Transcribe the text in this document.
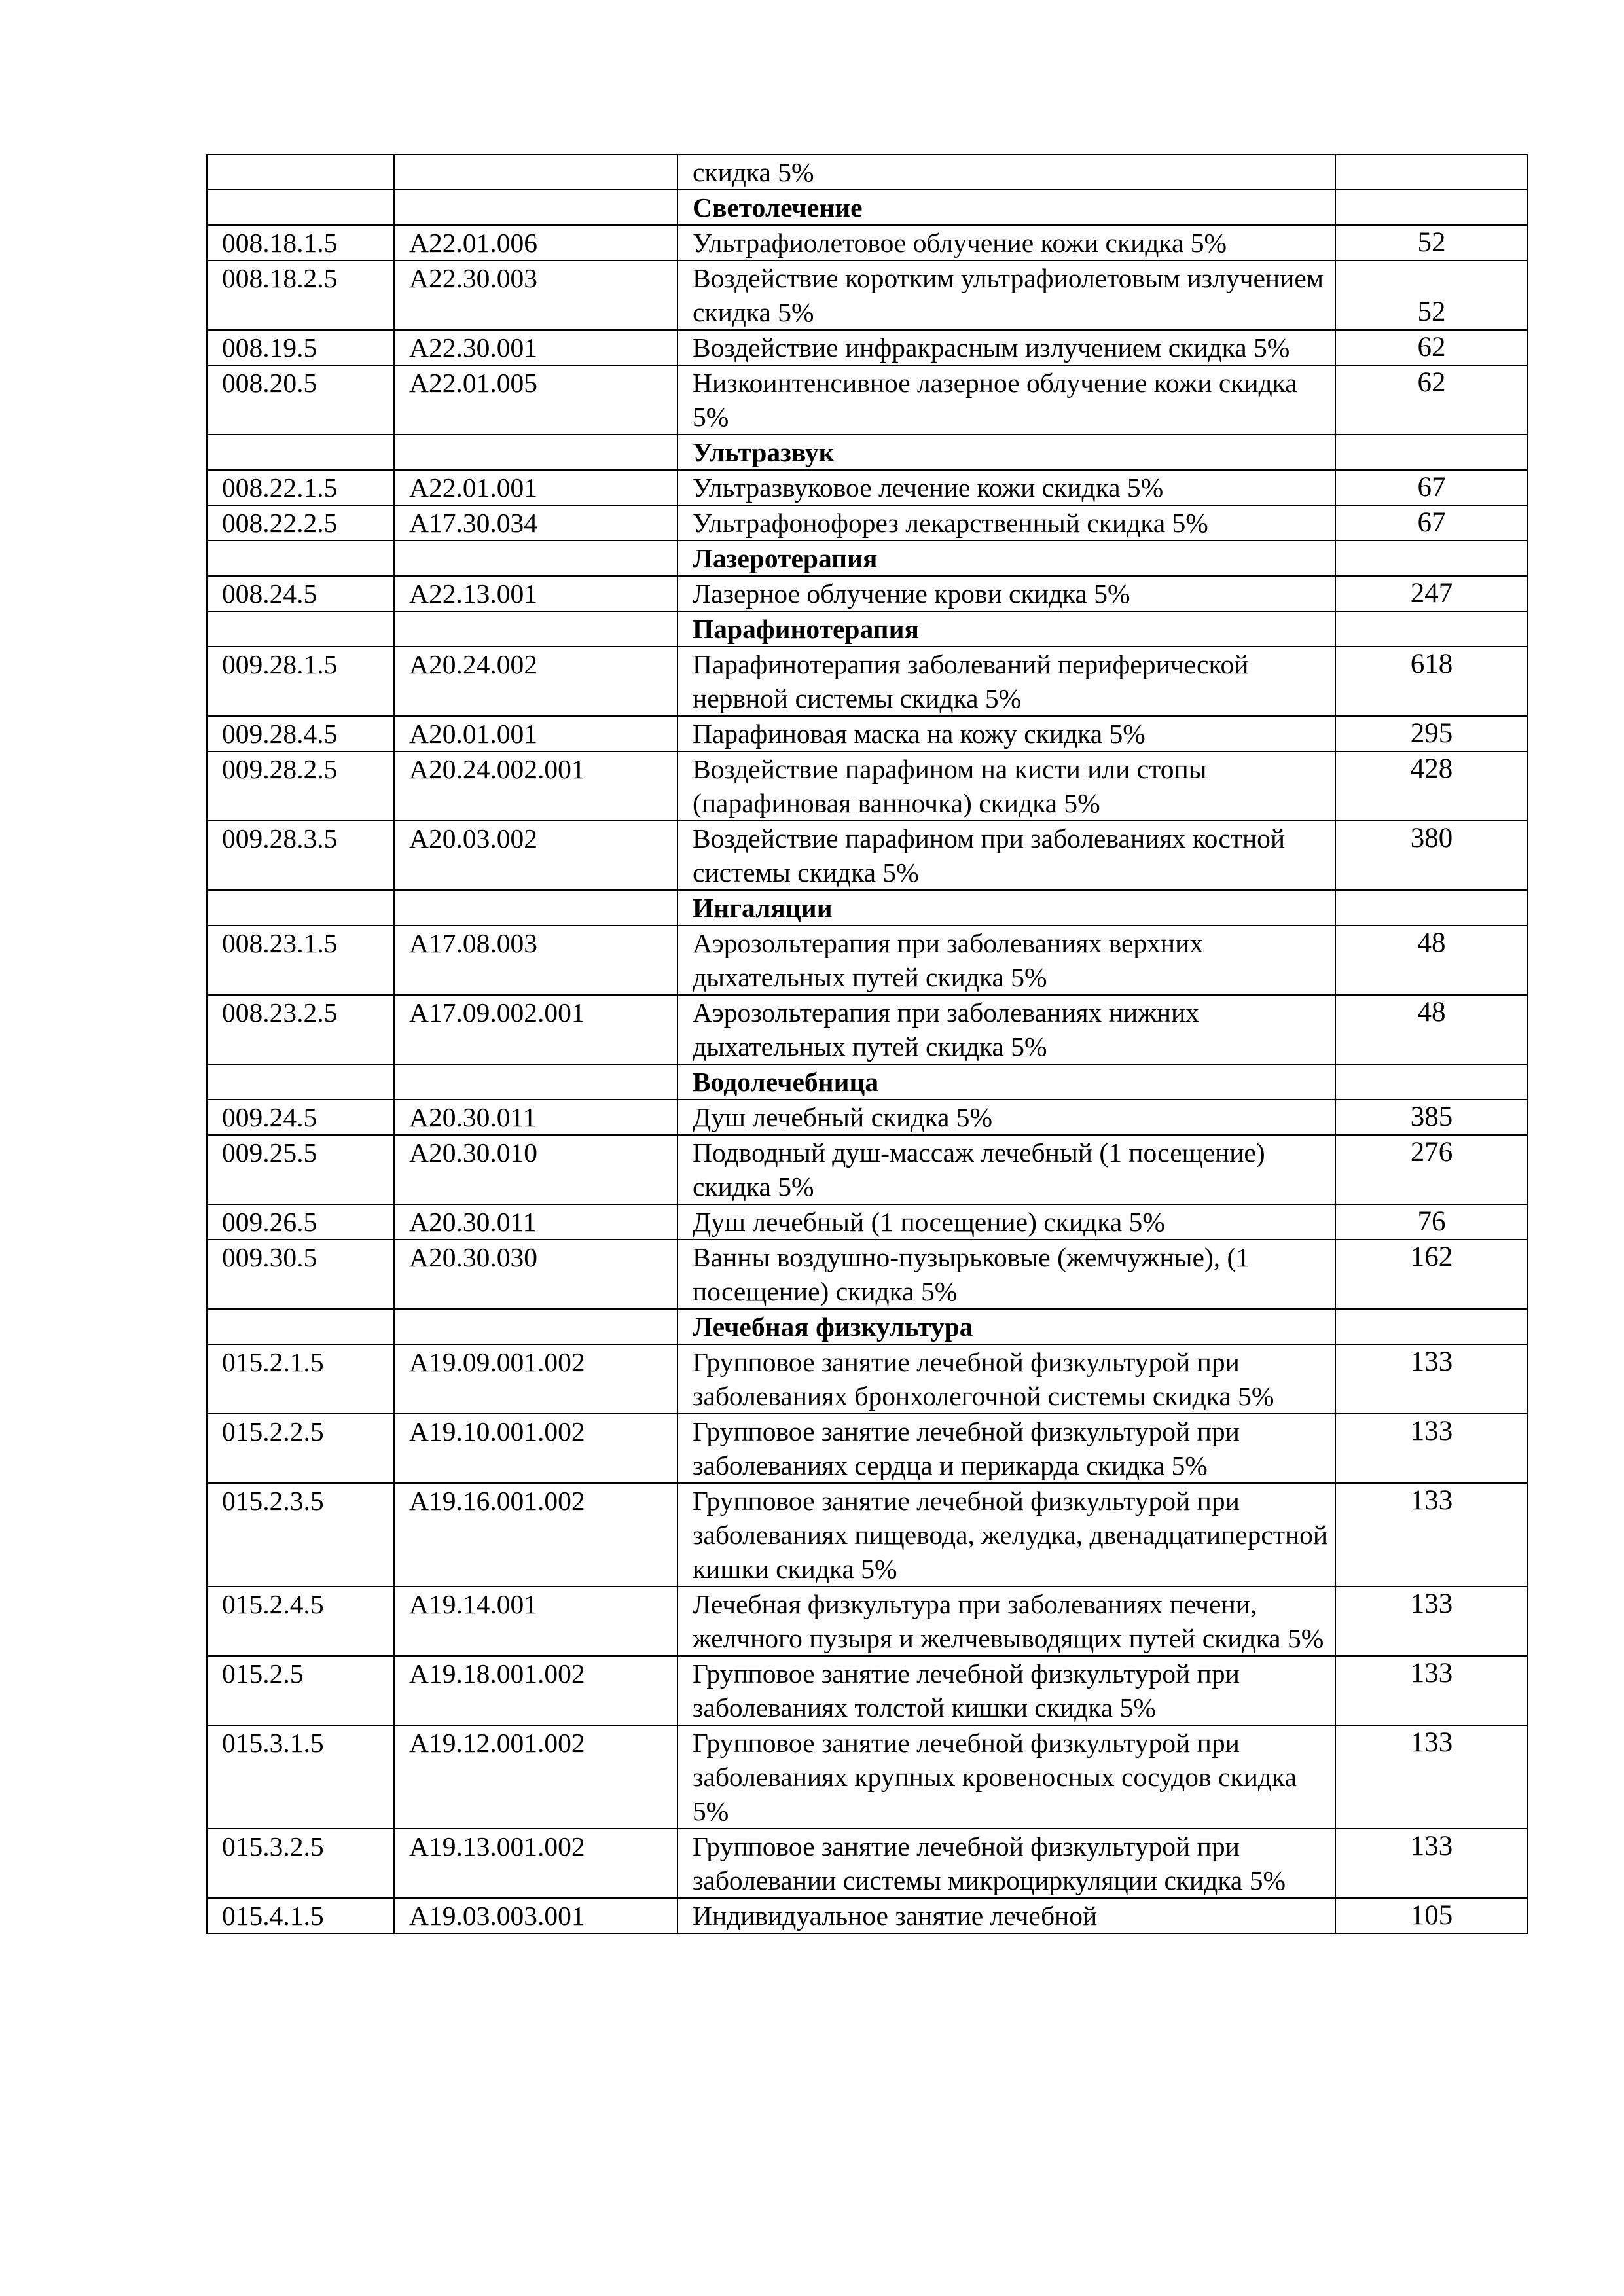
		скидка 5%	
		Светолечение	
008.18.1.5	A22.01.006	Ультрафиолетовое облучение кожи скидка 5%	52
008.18.2.5	A22.30.003	Воздействие коротким ультрафиолетовым излучением скидка 5%	52
008.19.5	A22.30.001	Воздействие инфракрасным излучением скидка 5%	62
008.20.5	A22.01.005	Низкоинтенсивное лазерное облучение кожи скидка 5%	62
		Ультразвук	
008.22.1.5	A22.01.001	Ультразвуковое лечение кожи скидка 5%	67
008.22.2.5	A17.30.034	Ультрафонофорез лекарственный скидка 5%	67
		Лазеротерапия	
008.24.5	A22.13.001	Лазерное облучение крови скидка 5%	247
		Парафинотерапия	
009.28.1.5	A20.24.002	Парафинотерапия заболеваний периферической нервной системы скидка 5%	618
009.28.4.5	A20.01.001	Парафиновая маска на кожу скидка 5%	295
009.28.2.5	A20.24.002.001	Воздействие парафином на кисти или стопы (парафиновая ванночка) скидка 5%	428
009.28.3.5	A20.03.002	Воздействие парафином при заболеваниях костной системы скидка 5%	380
		Ингаляции	
008.23.1.5	A17.08.003	Аэрозольтерапия при заболеваниях верхних дыхательных путей скидка 5%	48
008.23.2.5	A17.09.002.001	Аэрозольтерапия при заболеваниях нижних дыхательных путей скидка 5%	48
		Водолечебница	
009.24.5	A20.30.011	Душ лечебный скидка 5%	385
009.25.5	A20.30.010	Подводный душ-массаж лечебный (1 посещение) скидка 5%	276
009.26.5	A20.30.011	Душ лечебный (1 посещение) скидка 5%	76
009.30.5	A20.30.030	Ванны воздушно-пузырьковые (жемчужные), (1 посещение) скидка 5%	162
		Лечебная физкультура	
015.2.1.5	A19.09.001.002	Групповое занятие лечебной физкультурой при заболеваниях бронхолегочной системы скидка 5%	133
015.2.2.5	A19.10.001.002	Групповое занятие лечебной физкультурой при заболеваниях сердца и перикарда скидка 5%	133
015.2.3.5	A19.16.001.002	Групповое занятие лечебной физкультурой при заболеваниях пищевода, желудка, двенадцатиперстной кишки скидка 5%	133
015.2.4.5	A19.14.001	Лечебная физкультура при заболеваниях печени, желчного пузыря и желчевыводящих путей скидка 5%	133
015.2.5	A19.18.001.002	Групповое занятие лечебной физкультурой при заболеваниях толстой кишки скидка 5%	133
015.3.1.5	A19.12.001.002	Групповое занятие лечебной физкультурой при заболеваниях крупных кровеносных сосудов скидка 5%	133
015.3.2.5	A19.13.001.002	Групповое занятие лечебной физкультурой при заболевании системы микроциркуляции скидка 5%	133
015.4.1.5	A19.03.003.001	Индивидуальное занятие лечебной	105
